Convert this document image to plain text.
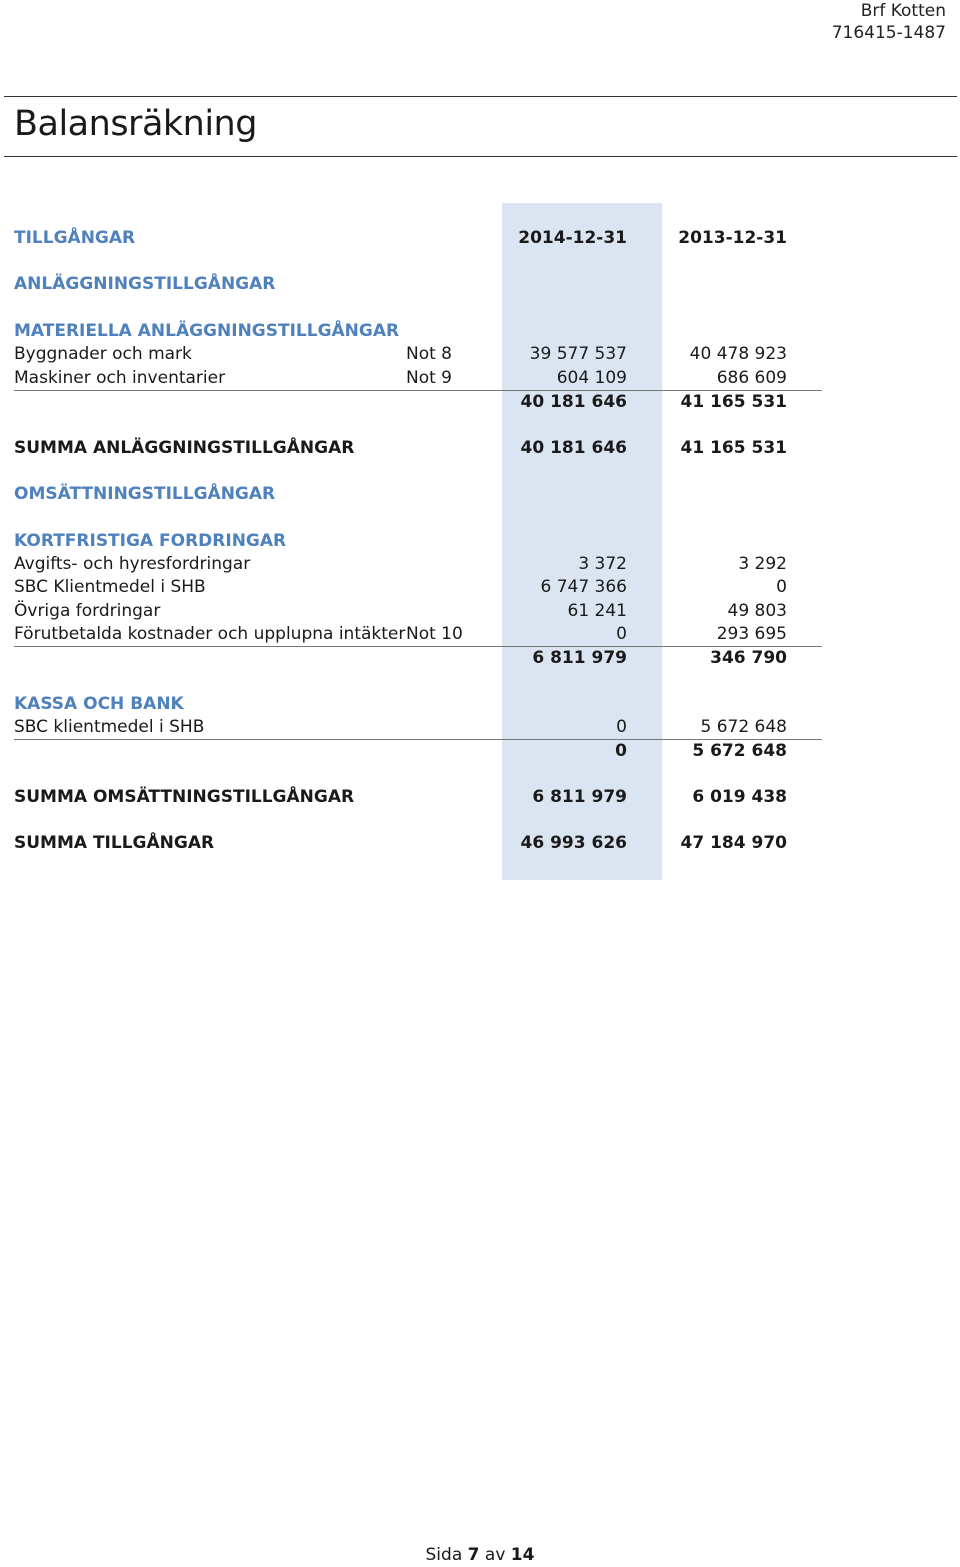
Brf Kotten
716415-1487
Balansräkning
TILLGÅNGAR	2014-12-31	2013-12-31
ANLÄGGNINGSTILLGÅNGAR
MATERIELLA ANLÄGGNINGSTILLGÅNGAR
Byggnader och mark	Not 8	39 577 537	40 478 923
Maskiner och inventarier	Not 9	604 109	686 609
40 181 646	41 165 531
SUMMA ANLÄGGNINGSTILLGÅNGAR	40 181 646	41 165 531
OMSÄTTNINGSTILLGÅNGAR
KORTFRISTIGA FORDRINGAR
Avgifts- och hyresfordringar	3 372	3 292
SBC Klientmedel i SHB	6 747 366	0
Övriga fordringar	61 241	49 803
Förutbetalda kostnader och upplupna intäkter Not 10	0	293 695
6 811 979	346 790
KASSA OCH BANK
SBC klientmedel i SHB	0	5 672 648
0	5 672 648
SUMMA OMSÄTTNINGSTILLGÅNGAR	6 811 979	6 019 438
SUMMA TILLGÅNGAR	46 993 626	47 184 970
Sida 7 av 14
